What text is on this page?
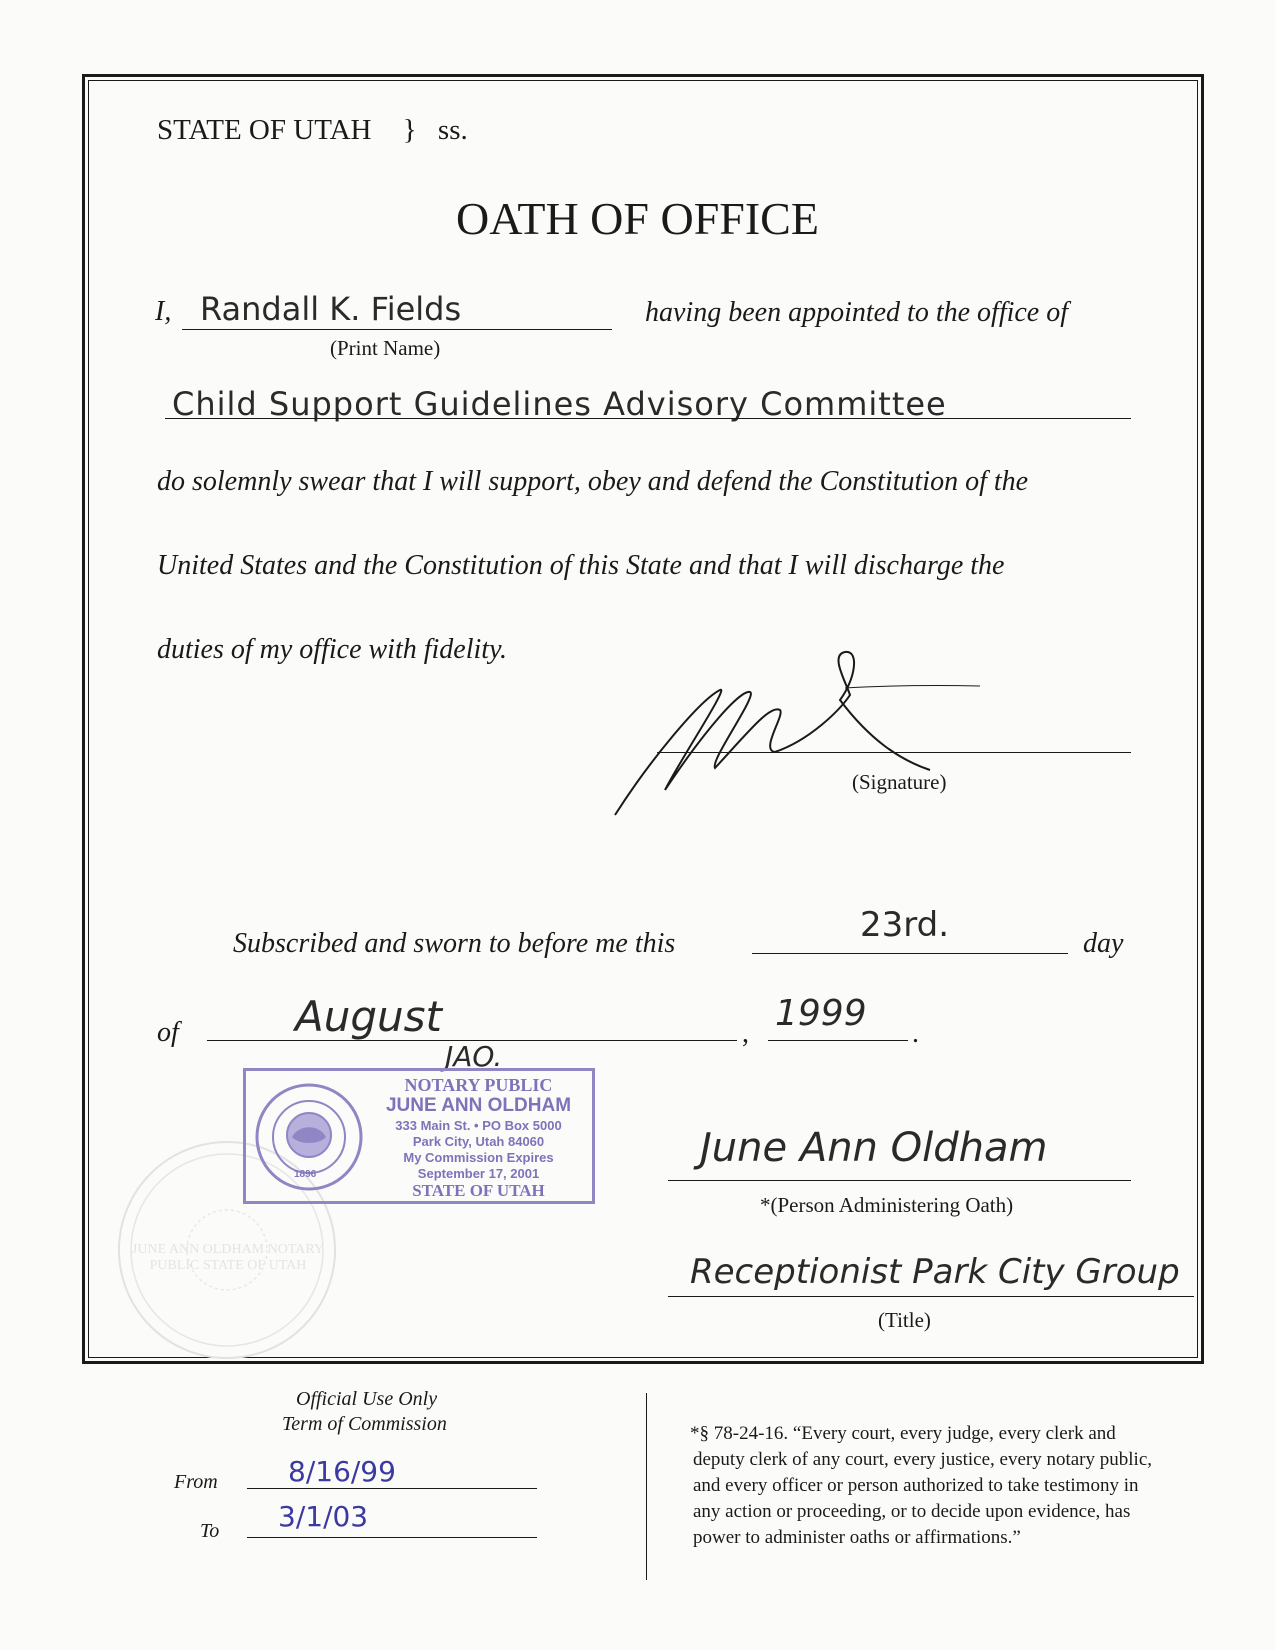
STATE OF UTAH } ss.
OATH OF OFFICE
I, Randall K. Fields
(Print Name)
having been appointed to the office of
Child Support Guidelines Advisory Committee
do solemnly swear that I will support, obey and defend the Constitution of the
United States and the Constitution of this State and that I will discharge the
duties of my office with fidelity.
(Signature)
Subscribed and sworn to before me this	23rd.	day
of	August	, 1999 .
JAO.
JUNE ANN OLDHAM NOTARY PUBLIC STATE OF UTAH
1896
NOTARY PUBLIC
JUNE ANN OLDHAM
333 Main St. • PO Box 5000
Park City, Utah 84060
My Commission Expires
September 17, 2001
STATE OF UTAH
June Ann Oldham
*(Person Administering Oath)
Receptionist Park City Group
(Title)
Official Use Only
Term of Commission
From	8/16/99
To 3/1/03
*§ 78-24-16. “Every court, every judge, every clerk and
deputy clerk of any court, every justice, every notary public,
and every officer or person authorized to take testimony in
any action or proceeding, or to decide upon evidence, has
power to administer oaths or affirmations.”
